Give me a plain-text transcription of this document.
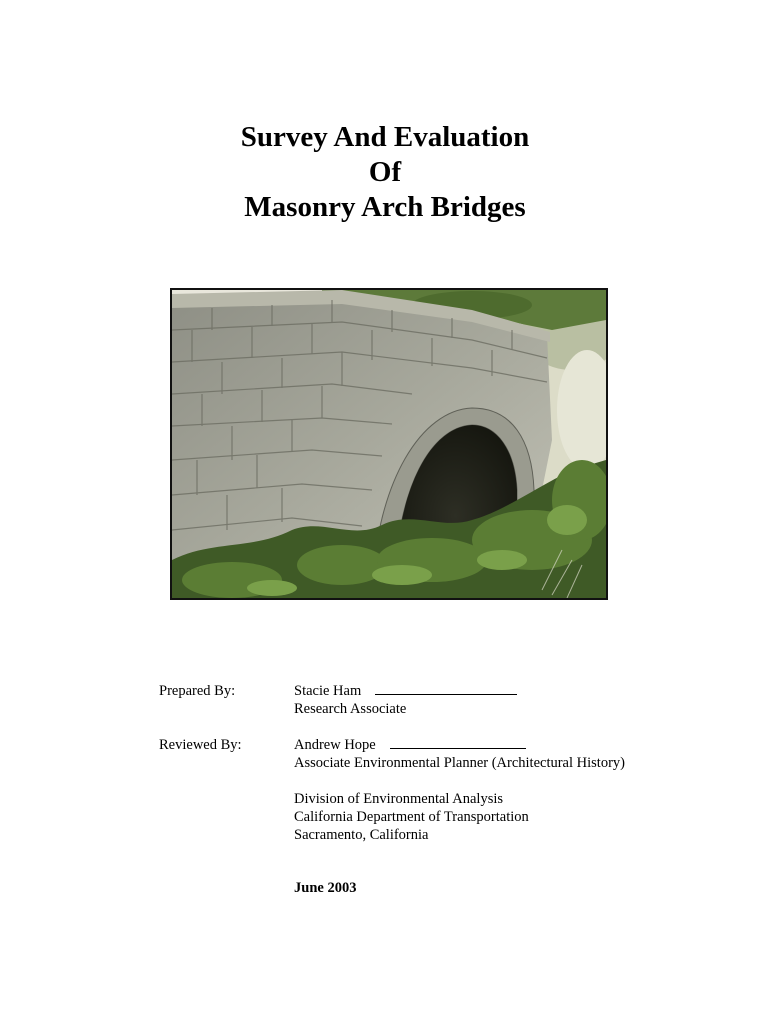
Survey And Evaluation
Of
Masonry Arch Bridges
Prepared By:	Stacie Ham
Research Associate
Reviewed By:	Andrew Hope
Associate Environmental Planner (Architectural History)
Division of Environmental Analysis
California Department of Transportation
Sacramento, California
June 2003
